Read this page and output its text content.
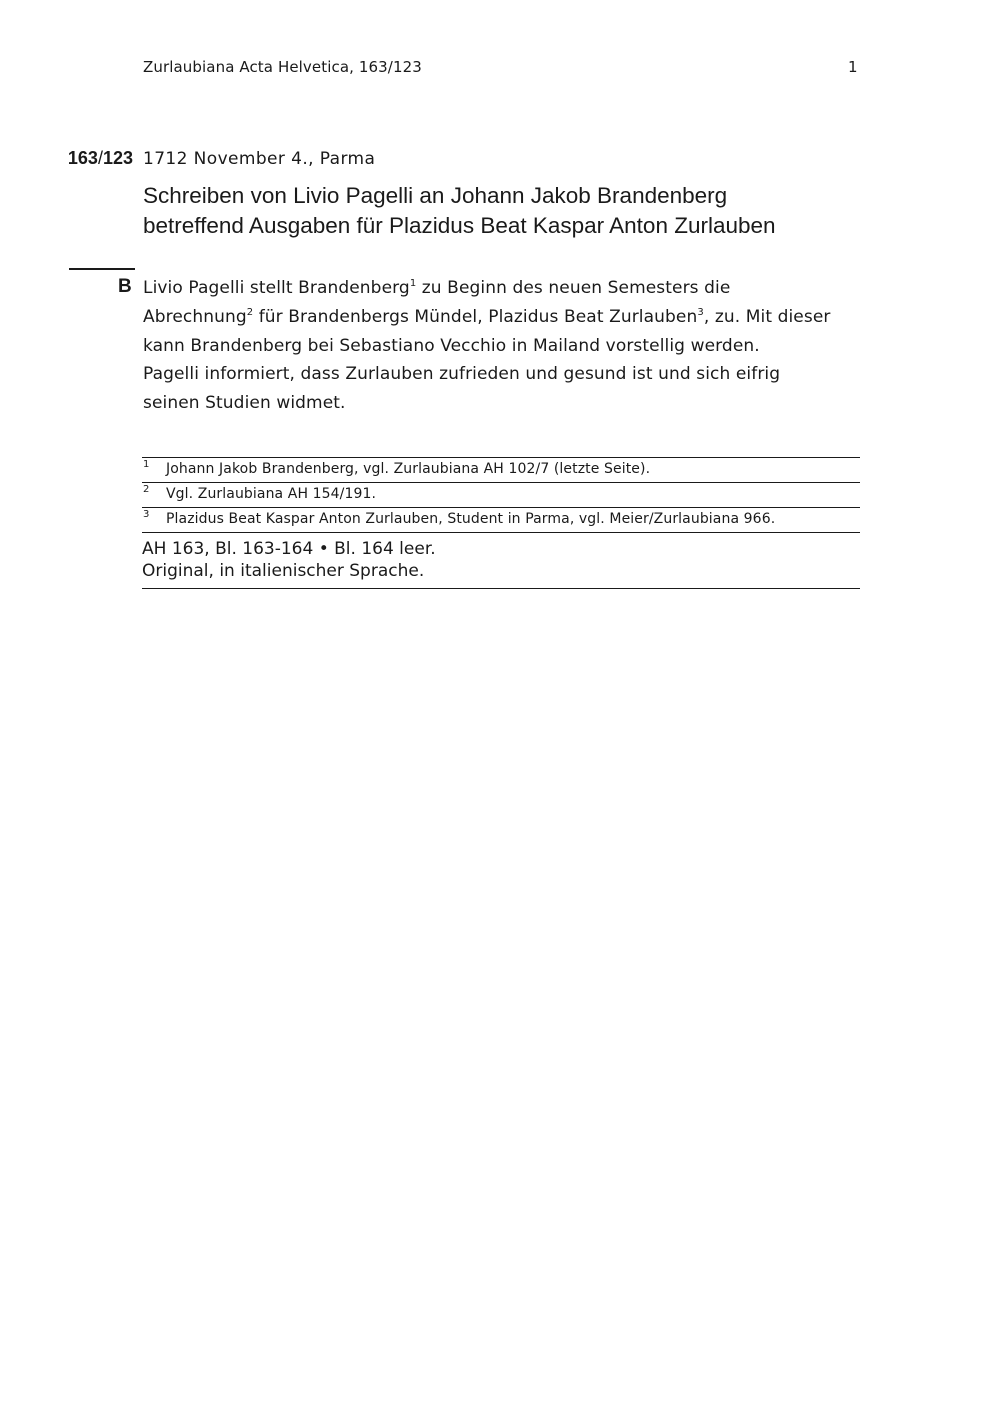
Zurlaubiana Acta Helvetica, 163/123	1
163/123 1712 November 4., Parma
Schreiben von Livio Pagelli an Johann Jakob Brandenberg
betreffend Ausgaben für Plazidus Beat Kaspar Anton Zurlauben
B Livio Pagelli stellt Brandenberg$^1$ zu Beginn des neuen Semesters die
Abrechnung$^2$ für Brandenbergs Mündel, Plazidus Beat Zurlauben$^3$, zu. Mit dieser
kann Brandenberg bei Sebastiano Vecchio in Mailand vorstellig werden.
Pagelli informiert, dass Zurlauben zufrieden und gesund ist und sich eifrig
seinen Studien widmet.
1 Johann Jakob Brandenberg, vgl. Zurlaubiana AH 102/7 (letzte Seite).
2 Vgl. Zurlaubiana AH 154/191.
3 Plazidus Beat Kaspar Anton Zurlauben, Student in Parma, vgl. Meier/Zurlaubiana 966.
AH 163, Bl. 163-164 • Bl. 164 leer.
Original, in italienischer Sprache.
